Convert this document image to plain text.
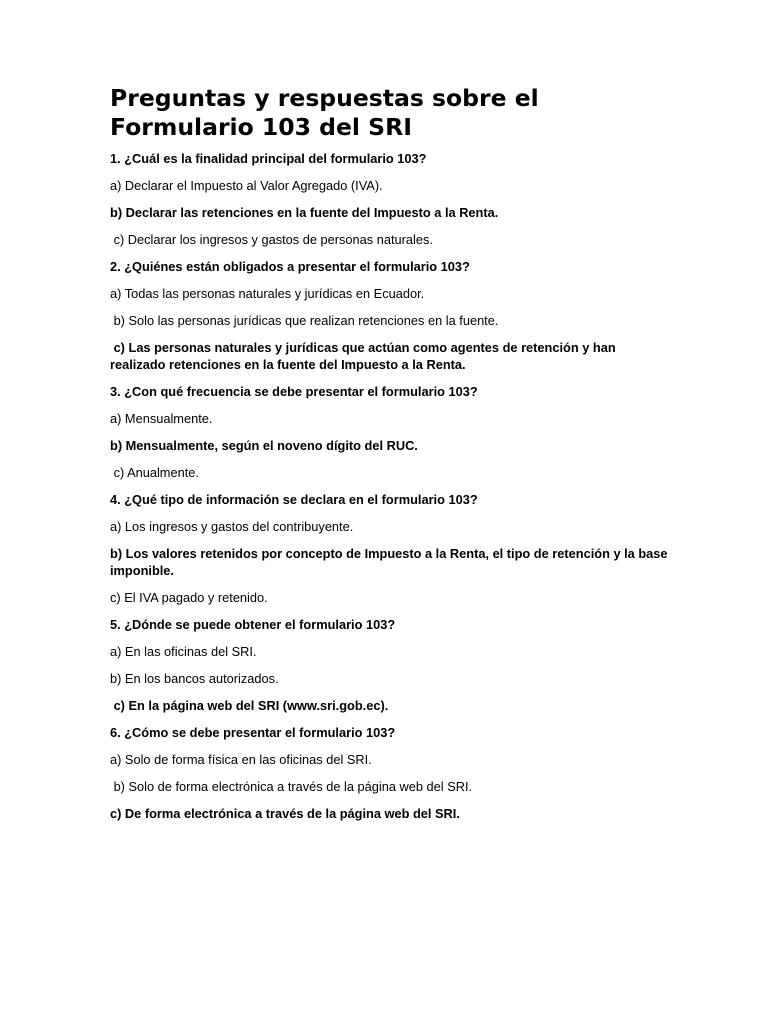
Preguntas y respuestas sobre el Formulario 103 del SRI

1. ¿Cuál es la finalidad principal del formulario 103?

a) Declarar el Impuesto al Valor Agregado (IVA).

b) Declarar las retenciones en la fuente del Impuesto a la Renta.

c) Declarar los ingresos y gastos de personas naturales.

2. ¿Quiénes están obligados a presentar el formulario 103?

a) Todas las personas naturales y jurídicas en Ecuador.

b) Solo las personas jurídicas que realizan retenciones en la fuente.

c) Las personas naturales y jurídicas que actúan como agentes de retención y han realizado retenciones en la fuente del Impuesto a la Renta.

3. ¿Con qué frecuencia se debe presentar el formulario 103?

a) Mensualmente.

b) Mensualmente, según el noveno dígito del RUC.

c) Anualmente.

4. ¿Qué tipo de información se declara en el formulario 103?

a) Los ingresos y gastos del contribuyente.

b) Los valores retenidos por concepto de Impuesto a la Renta, el tipo de retención y la base imponible.

c) El IVA pagado y retenido.

5. ¿Dónde se puede obtener el formulario 103?

a) En las oficinas del SRI.

b) En los bancos autorizados.

c) En la página web del SRI (www.sri.gob.ec).

6. ¿Cómo se debe presentar el formulario 103?

a) Solo de forma física en las oficinas del SRI.

b) Solo de forma electrónica a través de la página web del SRI.

c) De forma electrónica a través de la página web del SRI.
